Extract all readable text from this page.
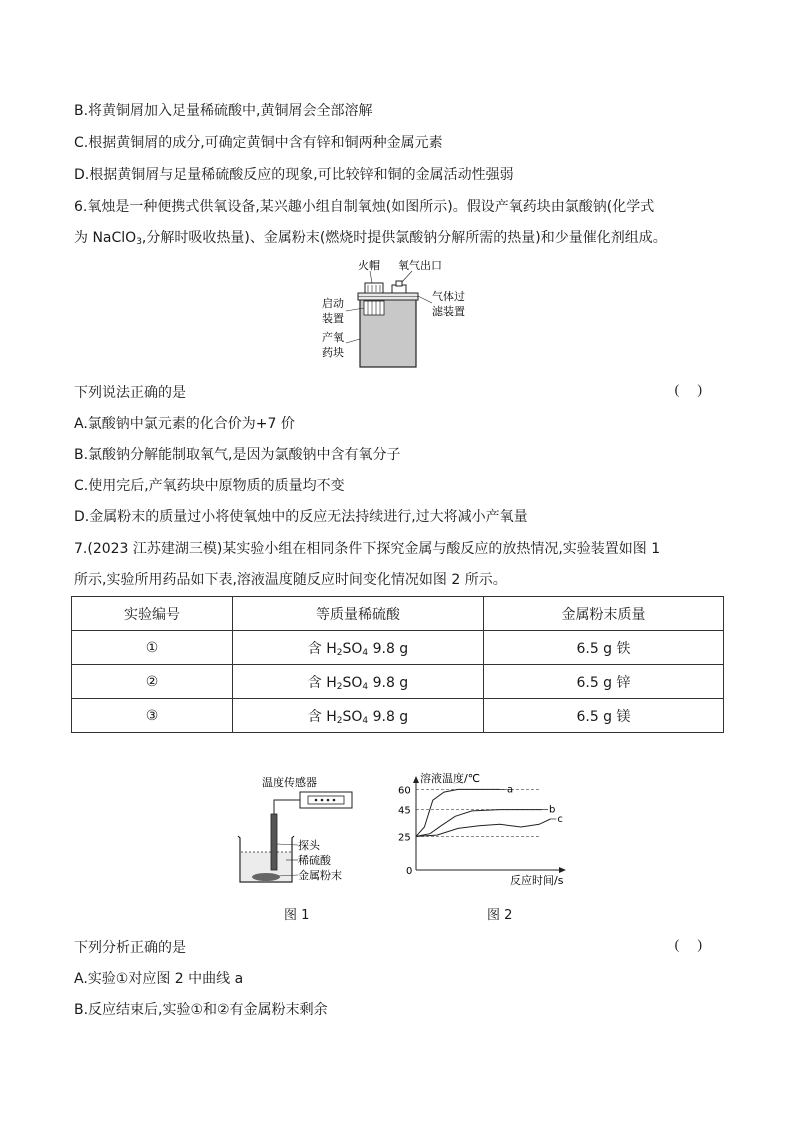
B.将黄铜屑加入足量稀硫酸中,黄铜屑会全部溶解
C.根据黄铜屑的成分,可确定黄铜中含有锌和铜两种金属元素
D.根据黄铜屑与足量稀硫酸反应的现象,可比较锌和铜的金属活动性强弱
6.氧烛是一种便携式供氧设备,某兴趣小组自制氧烛(如图所示)。假设产氧药块由氯酸钠(化学式
为 NaClO$_3$,分解时吸收热量)、金属粉末(燃烧时提供氯酸钠分解所需的热量)和少量催化剂组成。
火帽 氧气出口
启动
装置
气体过
滤装置
产氧
药块
下列说法正确的是	()
A.氯酸钠中氯元素的化合价为+7 价
B.氯酸钠分解能制取氧气,是因为氯酸钠中含有氧分子
C.使用完后,产氧药块中原物质的质量均不变
D.金属粉末的质量过小将使氧烛中的反应无法持续进行,过大将减小产氧量
7.(2023 江苏建湖三模)某实验小组在相同条件下探究金属与酸反应的放热情况,实验装置如图 1
所示,实验所用药品如下表,溶液温度随反应时间变化情况如图 2 所示。
实验编号	等质量稀硫酸	金属粉末质量
①	含 $H_2SO_4$ 9.8 g	6.5 g 铁
②	含 $H_2SO_4$ 9.8 g	6.5 g 锌
③	含 $H_2SO_4$ 9.8 g	6.5 g 镁
温度传感器
探头
稀硫酸
金属粉末
图 1
溶液温度/℃
反应时间/s
0
60
45
25
a
b
c
图 2
下列分析正确的是	()
A.实验①对应图 2 中曲线 a
B.反应结束后,实验①和②有金属粉末剩余
